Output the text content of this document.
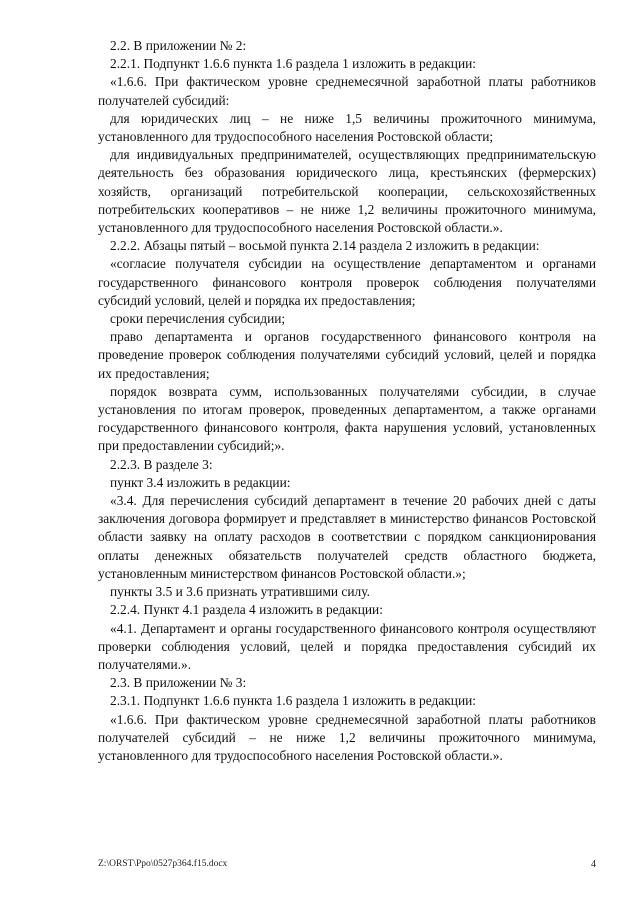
2.2. В приложении № 2:

2.2.1. Подпункт 1.6.6 пункта 1.6 раздела 1 изложить в редакции:

«1.6.6. При фактическом уровне среднемесячной заработной платы работников получателей субсидий:

для юридических лиц – не ниже 1,5 величины прожиточного минимума, установленного для трудоспособного населения Ростовской области;

для индивидуальных предпринимателей, осуществляющих предпринимательскую деятельность без образования юридического лица, крестьянских (фермерских) хозяйств, организаций потребительской кооперации, сельскохозяйственных потребительских кооперативов – не ниже 1,2 величины прожиточного минимума, установленного для трудоспособного населения Ростовской области.».

2.2.2. Абзацы пятый – восьмой пункта 2.14 раздела 2 изложить в редакции:

«согласие получателя субсидии на осуществление департаментом и органами государственного финансового контроля проверок соблюдения получателями субсидий условий, целей и порядка их предоставления;

сроки перечисления субсидии;

право департамента и органов государственного финансового контроля на проведение проверок соблюдения получателями субсидий условий, целей и порядка их предоставления;

порядок возврата сумм, использованных получателями субсидии, в случае установления по итогам проверок, проведенных департаментом, а также органами государственного финансового контроля, факта нарушения условий, установленных при предоставлении субсидий;».

2.2.3. В разделе 3:

пункт 3.4 изложить в редакции:

«3.4. Для перечисления субсидий департамент в течение 20 рабочих дней с даты заключения договора формирует и представляет в министерство финансов Ростовской области заявку на оплату расходов в соответствии с порядком санкционирования оплаты денежных обязательств получателей средств областного бюджета, установленным министерством финансов Ростовской области.»;

пункты 3.5 и 3.6 признать утратившими силу.

2.2.4. Пункт 4.1 раздела 4 изложить в редакции:

«4.1. Департамент и органы государственного финансового контроля осуществляют проверки соблюдения условий, целей и порядка предоставления субсидий их получателями.».

2.3. В приложении № 3:

2.3.1. Подпункт 1.6.6 пункта 1.6 раздела 1 изложить в редакции:

«1.6.6. При фактическом уровне среднемесячной заработной платы работников получателей субсидий – не ниже 1,2 величины прожиточного минимума, установленного для трудоспособного населения Ростовской области.».

Z:\ORST\Ppo\0527p364.f15.docx	4
